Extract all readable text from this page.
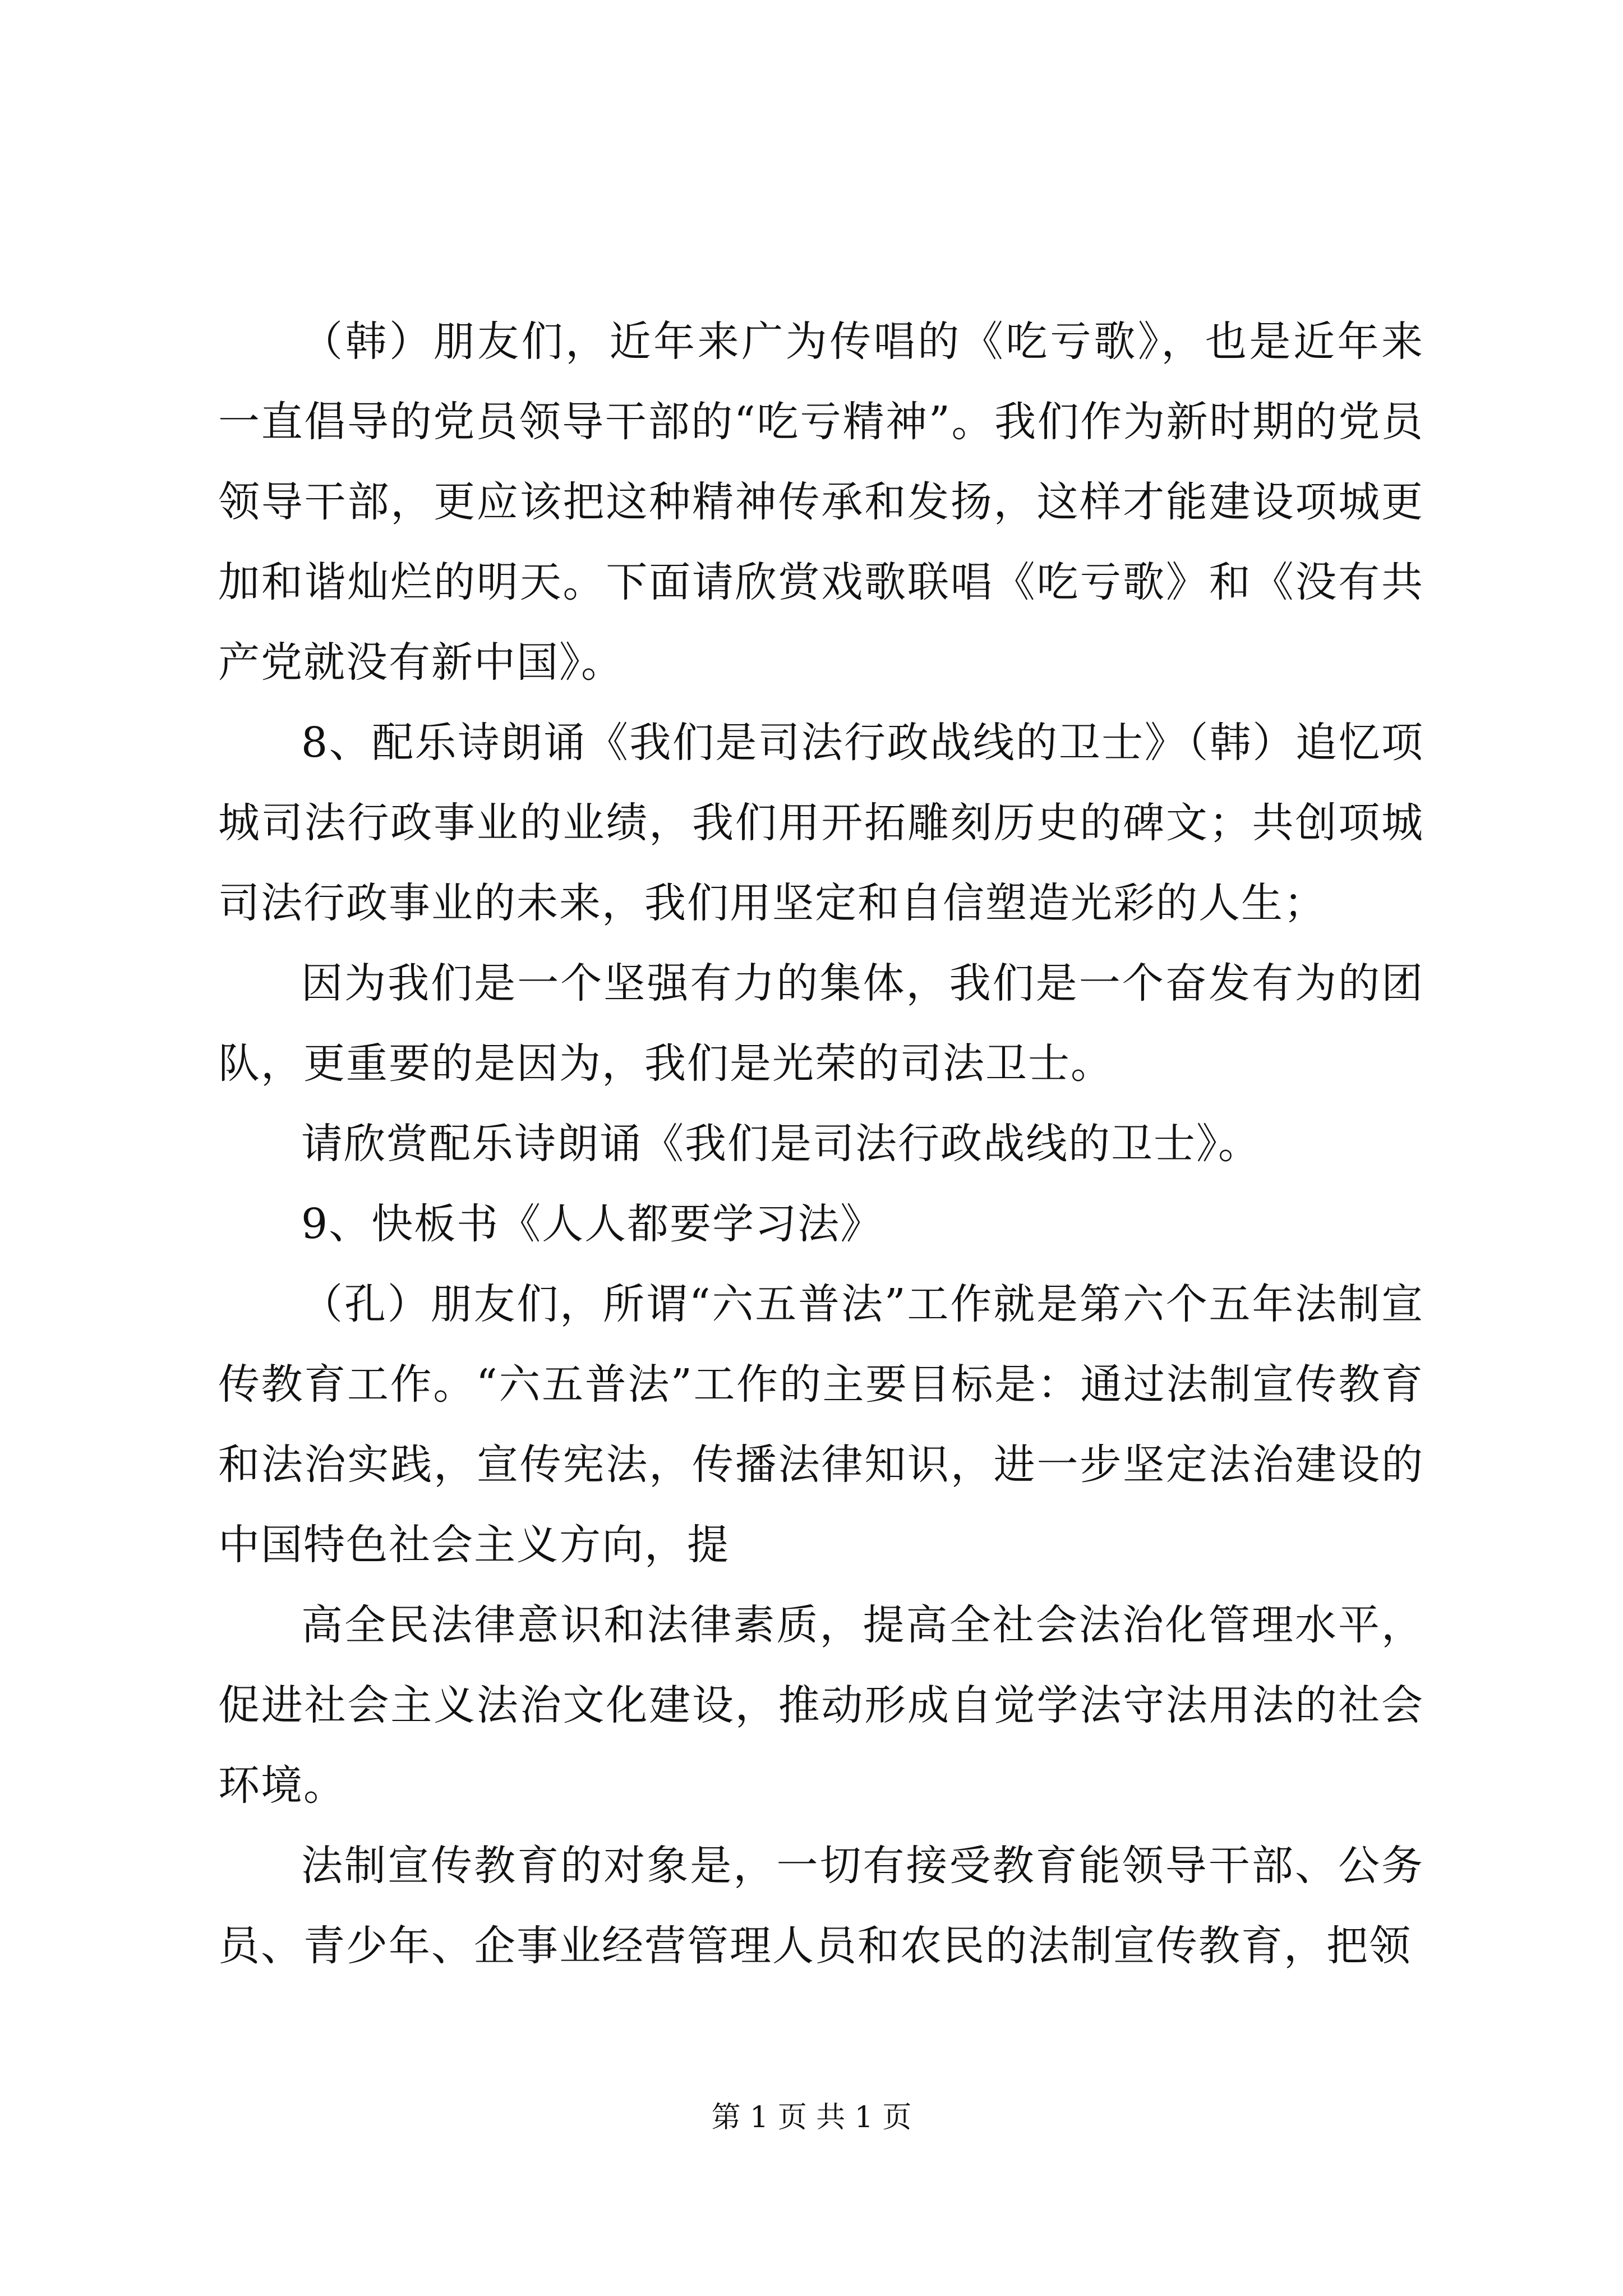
（韩）朋友们，近年来广为传唱的《吃亏歌》，也是近年来一直倡导的党员领导干部的“吃亏精神”。我们作为新时期的党员领导干部，更应该把这种精神传承和发扬，这样才能建设项城更加和谐灿烂的明天。下面请欣赏戏歌联唱《吃亏歌》和《没有共产党就没有新中国》。

8、配乐诗朗诵《我们是司法行政战线的卫士》（韩）追忆项城司法行政事业的业绩，我们用开拓雕刻历史的碑文；共创项城司法行政事业的未来，我们用坚定和自信塑造光彩的人生；

因为我们是一个坚强有力的集体，我们是一个奋发有为的团队，更重要的是因为，我们是光荣的司法卫士。

请欣赏配乐诗朗诵《我们是司法行政战线的卫士》。

9、快板书《人人都要学习法》

（孔）朋友们，所谓“六五普法”工作就是第六个五年法制宣传教育工作。“六五普法”工作的主要目标是：通过法制宣传教育和法治实践，宣传宪法，传播法律知识，进一步坚定法治建设的中国特色社会主义方向，提

高全民法律意识和法律素质，提高全社会法治化管理水平，促进社会主义法治文化建设，推动形成自觉学法守法用法的社会环境。

法制宣传教育的对象是，一切有接受教育能领导干部、公务员、青少年、企事业经营管理人员和农民的法制宣传教育，把领

第 1 页 共 1 页
